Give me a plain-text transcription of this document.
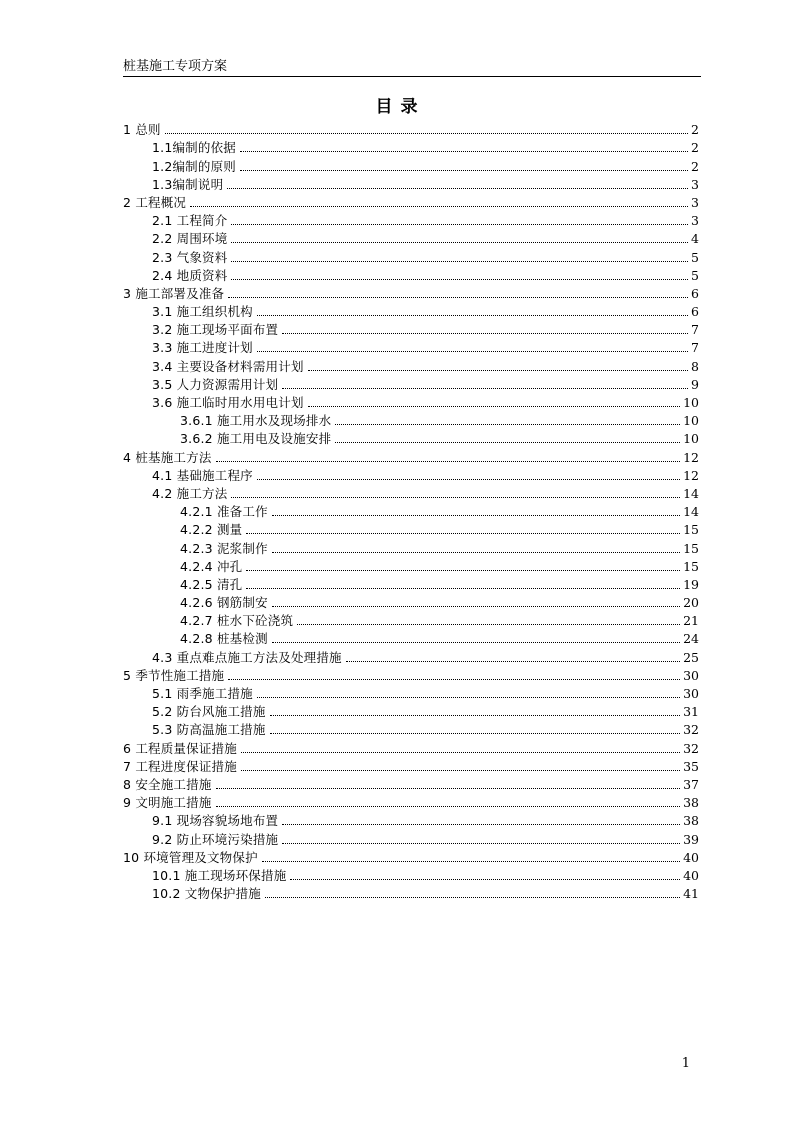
桩基施工专项方案
目 录
1 总则	2
1.1编制的依据	2
1.2编制的原则	2
1.3编制说明	3
2 工程概况	3
2.1 工程简介	3
2.2 周围环境	4
2.3 气象资料	5
2.4 地质资料	5
3 施工部署及准备	6
3.1 施工组织机构	6
3.2 施工现场平面布置	7
3.3 施工进度计划	7
3.4 主要设备材料需用计划	8
3.5 人力资源需用计划	9
3.6 施工临时用水用电计划	10
3.6.1 施工用水及现场排水	10
3.6.2 施工用电及设施安排	10
4 桩基施工方法	12
4.1 基础施工程序	12
4.2 施工方法	14
4.2.1 准备工作	14
4.2.2 测量	15
4.2.3 泥浆制作	15
4.2.4 冲孔	15
4.2.5 清孔	19
4.2.6 钢筋制安	20
4.2.7 桩水下砼浇筑	21
4.2.8 桩基检测	24
4.3 重点难点施工方法及处理措施	25
5 季节性施工措施	30
5.1 雨季施工措施	30
5.2 防台风施工措施	31
5.3 防高温施工措施	32
6 工程质量保证措施	32
7 工程进度保证措施	35
8 安全施工措施	37
9 文明施工措施	38
9.1 现场容貌场地布置	38
9.2 防止环境污染措施	39
10 环境管理及文物保护	40
10.1 施工现场环保措施	40
10.2 文物保护措施	41
1
